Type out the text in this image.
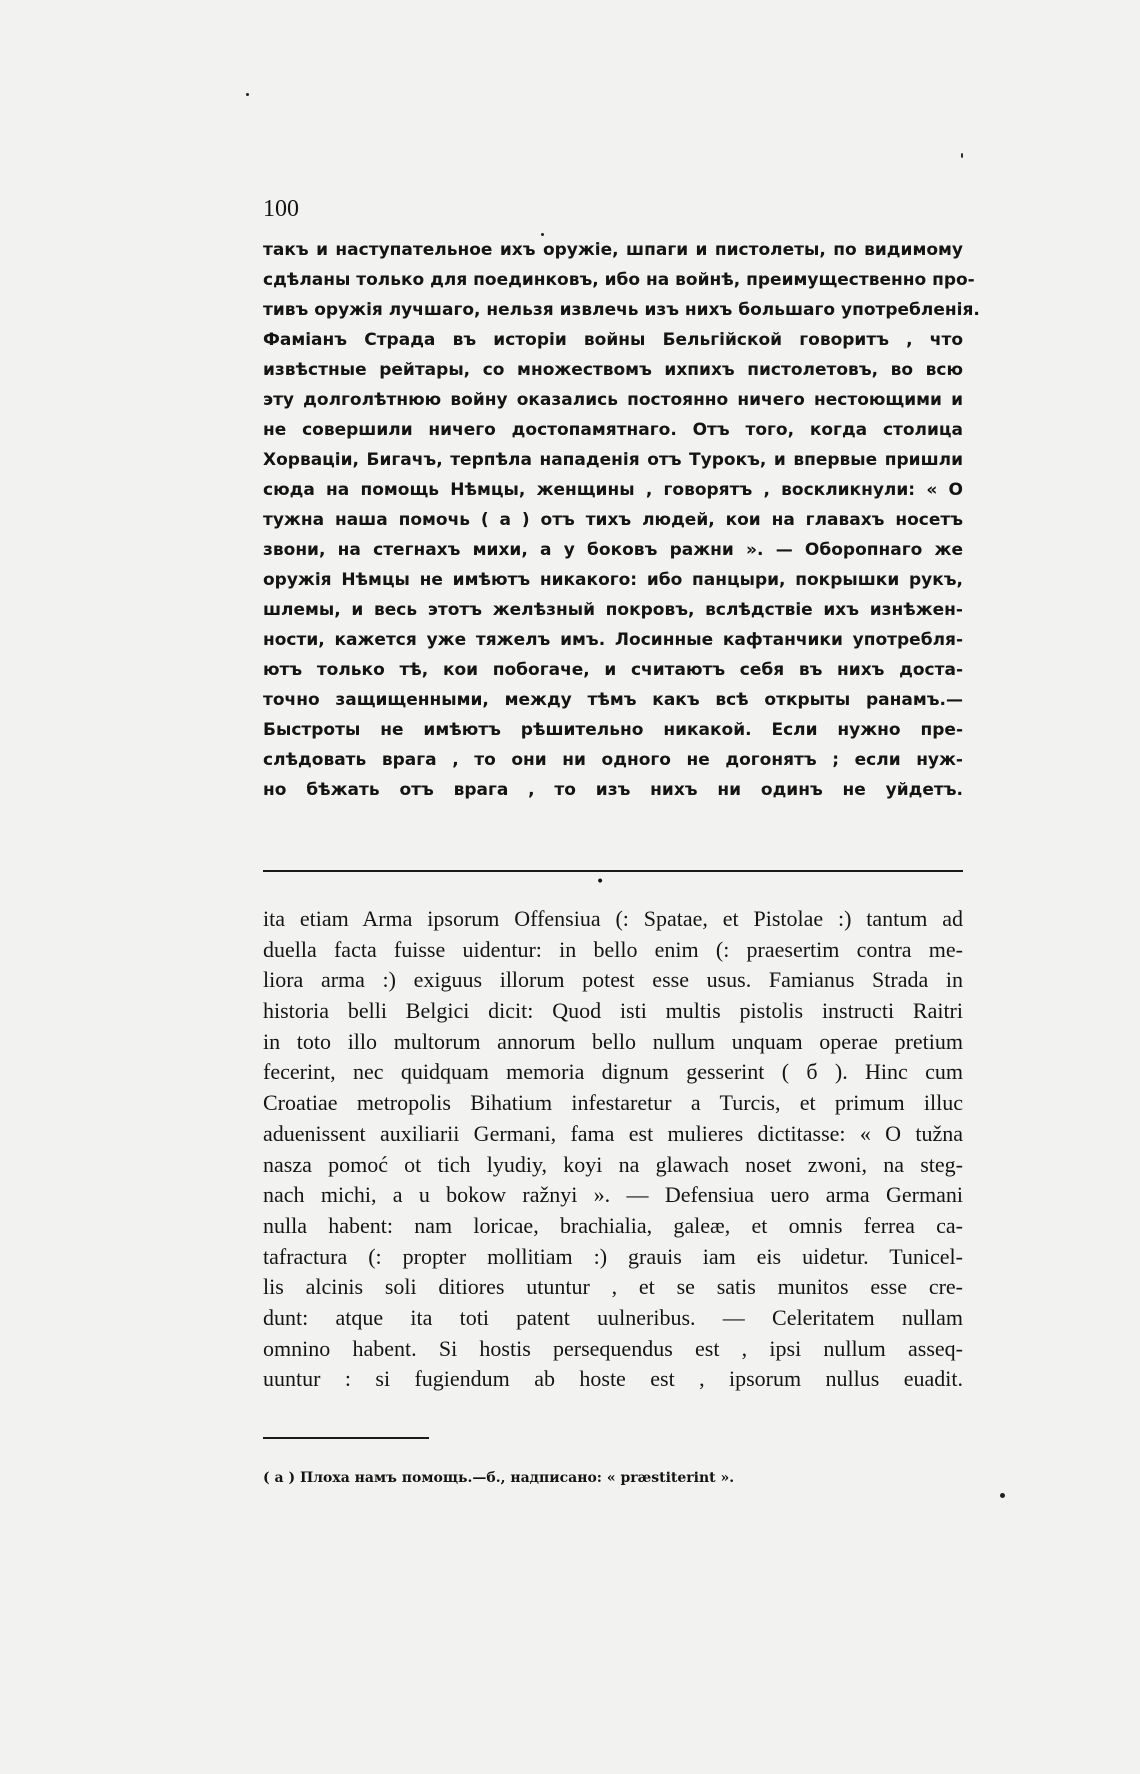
100
такъ и наступательное ихъ оружіе, шпаги и пистолеты, по видимому
сдѣланы только для поединковъ, ибо на войнѣ, преимущественно про-
тивъ оружія лучшаго, нельзя извлечь изъ нихъ большаго употребленія.
Фаміанъ Страда въ исторіи войны Бельгійской говоритъ , что
извѣстные рейтары, со множествомъ ихпихъ пистолетовъ, во всю
эту долголѣтнюю войну оказались постоянно ничего нестоющими и
не совершили ничего достопамятнаго. Отъ того, когда столица
Хорваціи, Бигачъ, терпѣла нападенія отъ Турокъ, и впервые пришли
сюда на помощь Нѣмцы, женщины , говорятъ , воскликнули: « О
тужна наша помочь ( а ) отъ тихъ людей, кои на главахъ носетъ
звони, на стегнахъ михи, а у боковъ ражни ». — Оборопнаго же
оружія Нѣмцы не имѣютъ никакого: ибо панцыри, покрышки рукъ,
шлемы, и весь этотъ желѣзный покровъ, вслѣдствіе ихъ изнѣжен-
ности, кажется уже тяжелъ имъ. Лосинные кафтанчики употребля-
ютъ только тѣ, кои побогаче, и считаютъ себя въ нихъ доста-
точно защищенными, между тѣмъ какъ всѣ открыты ранамъ.—
Быстроты не имѣютъ рѣшительно никакой. Если нужно пре-
слѣдовать врага , то они ни одного не догонятъ ; если нуж-
но бѣжать отъ врага , то изъ нихъ ни одинъ не уйдетъ.
•
ita etiam Arma ipsorum Offensiua (: Spatae, et Pistolae :) tantum ad
duella facta fuisse uidentur: in bello enim (: praesertim contra me-
liora arma :) exiguus illorum potest esse usus. Famianus Strada in
historia belli Belgici dicit: Quod isti multis pistolis instructi Raitri
in toto illo multorum annorum bello nullum unquam operae pretium
fecerint, nec quidquam memoria dignum gesserint ( б ). Hinc cum
Croatiae metropolis Bihatium infestaretur a Turcis, et primum illuc
aduenissent auxiliarii Germani, fama est mulieres dictitasse: « O tužna
nasza pomoć ot tich lyudiy, koyi na glawach noset zwoni, na steg-
nach michi, a u bokow ražnyi ». — Defensiua uero arma Germani
nulla habent: nam loricae, brachialia, galeæ, et omnis ferrea ca-
tafractura (: propter mollitiam :) grauis iam eis uidetur. Tunicel-
lis alcinis soli ditiores utuntur , et se satis munitos esse cre-
dunt: atque ita toti patent uulneribus. — Celeritatem nullam
omnino habent. Si hostis persequendus est , ipsi nullum asseq-
uuntur : si fugiendum ab hoste est , ipsorum nullus euadit.
( а ) Плоха намъ помощь.—б., надписано: « præstiterint ».
